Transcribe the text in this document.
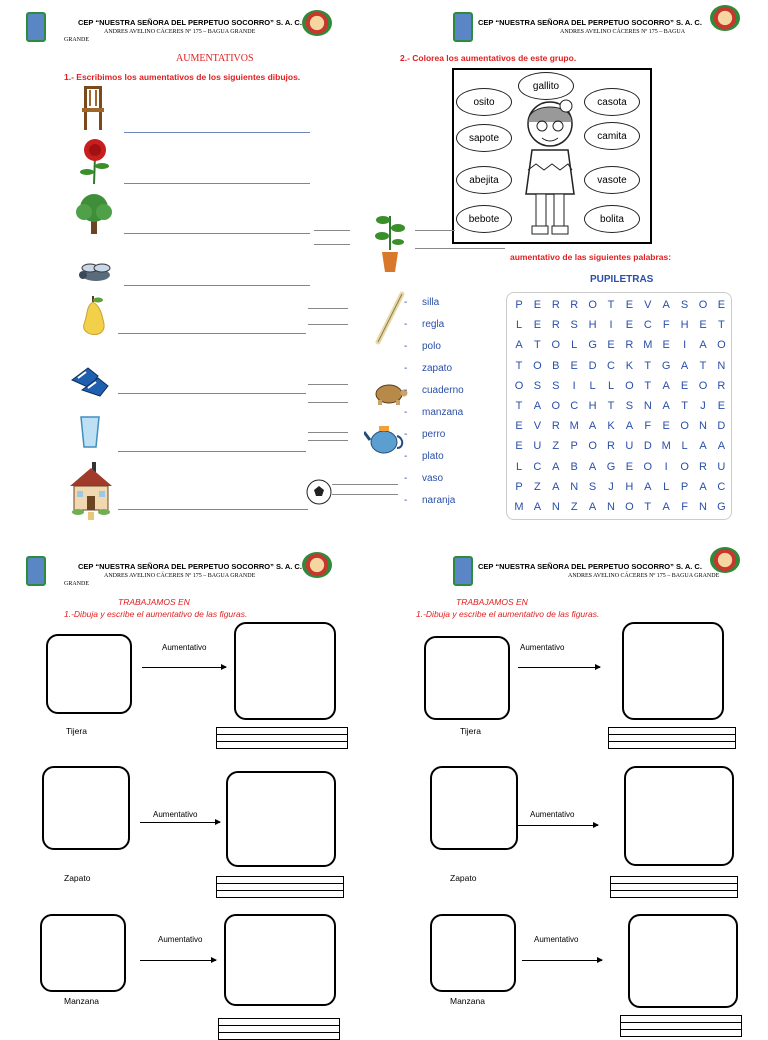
CEP “NUESTRA SEÑORA DEL PERPETUO SOCORRO” S. A. C.
ANDRES AVELINO CÁCERES Nº 175 – BAGUA GRANDE
GRANDE
AUMENTATIVOS
1.- Escribimos los aumentativos de los siguientes dibujos.
CEP “NUESTRA SEÑORA DEL PERPETUO SOCORRO” S. A. C.
ANDRES AVELINO CÁCERES Nº 175 – BAGUA
2.- Colorea los aumentativos de este grupo.
gallito
osito	casota
sapote	camita
abejita	vasote
bebote	bolita
aumentativo de las siguientes palabras:
- silla
- regla
- polo
- zapato
- cuaderno
- manzana
- perro
- plato
- vaso
- naranja
PUPILETRAS
P	E R R O T	E	V	A	S O E
L	E R S H	I	E C	F	H E	T
A	T O	L	G E R M E	I	A O
T O B	E D C K	T G A	T	N
O S	S	I	L	L	O T	A	E O R
T	A O C H	T	S N A	T	J	E
E	V R M A	K	A	F	E O N D
E U	Z	P O R U D M L	A	A
L	C A	B	A G E O	I	O R U
P	Z	A N S	J	H A	L	P	A C
M A N	Z	A N O T	A	F	N G
CEP “NUESTRA SEÑORA DEL PERPETUO SOCORRO” S. A. C.
ANDRES AVELINO CÁCERES Nº 175 – BAGUA GRANDE
GRANDE
TRABAJAMOS EN
1.-Dibuja y escribe el aumentativo de las figuras.
Aumentativo
Tijera
Aumentativo
Zapato
Aumentativo
Manzana
CEP “NUESTRA SEÑORA DEL PERPETUO SOCORRO” S. A. C.
ANDRES AVELINO CÁCERES Nº 175 – BAGUA GRANDE
TRABAJAMOS EN
1.-Dibuja y escribe el aumentativo de las figuras.
Aumentativo
Tijera
Aumentativo
Zapato
Aumentativo
Manzana
